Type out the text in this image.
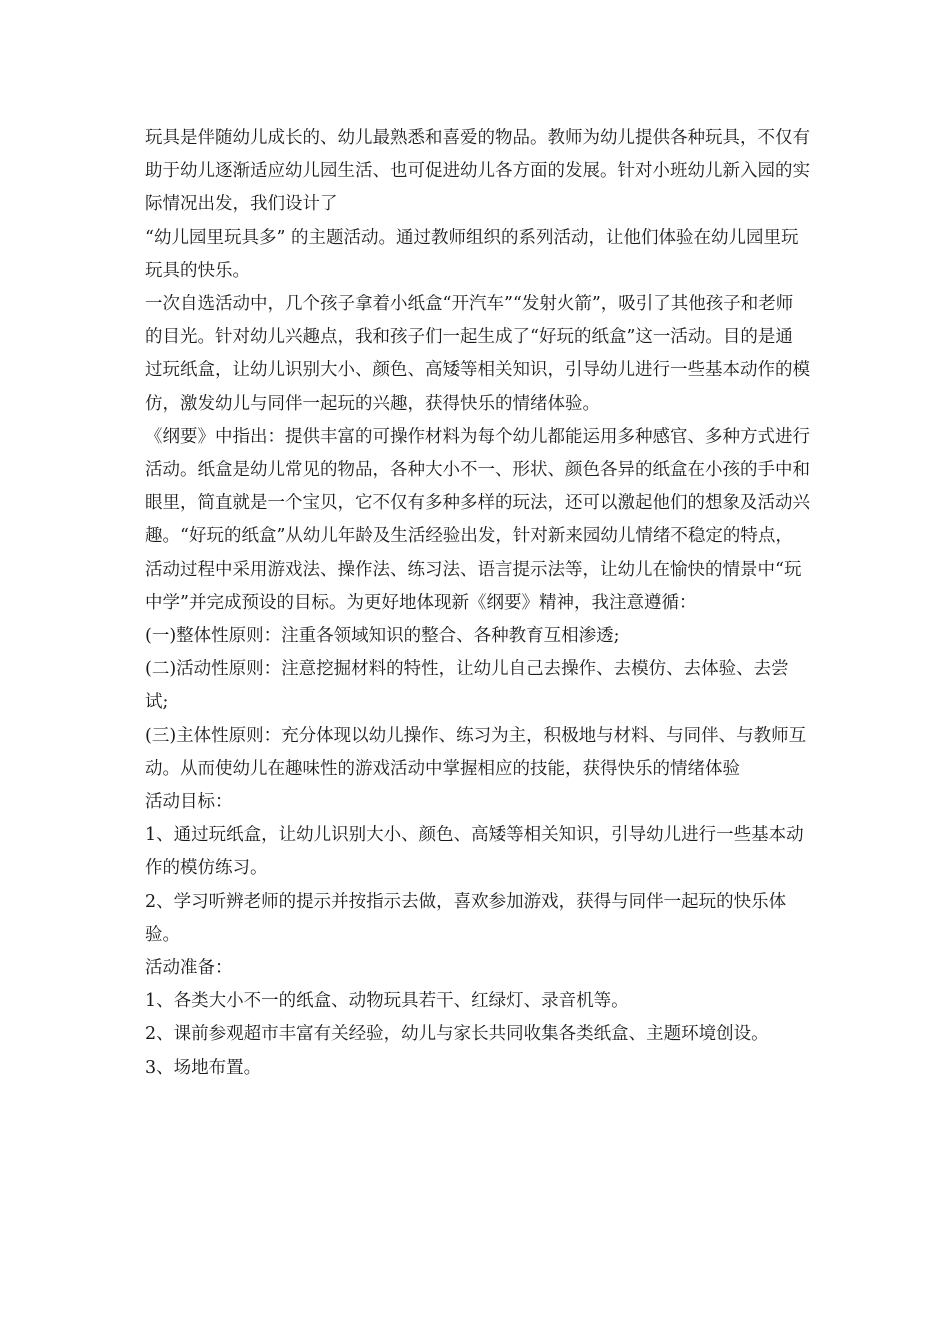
玩具是伴随幼儿成长的、幼儿最熟悉和喜爱的物品。教师为幼儿提供各种玩具，不仅有助于幼儿逐渐适应幼儿园生活、也可促进幼儿各方面的发展。针对小班幼儿新入园的实际情况出发，我们设计了

“幼儿园里玩具多” 的主题活动。通过教师组织的系列活动，让他们体验在幼儿园里玩玩具的快乐。

一次自选活动中，几个孩子拿着小纸盒“开汽车”“发射火箭”，吸引了其他孩子和老师的目光。针对幼儿兴趣点，我和孩子们一起生成了“好玩的纸盒”这一活动。目的是通过玩纸盒，让幼儿识别大小、颜色、高矮等相关知识，引导幼儿进行一些基本动作的模仿，激发幼儿与同伴一起玩的兴趣，获得快乐的情绪体验。

《纲要》中指出：提供丰富的可操作材料为每个幼儿都能运用多种感官、多种方式进行活动。纸盒是幼儿常见的物品，各种大小不一、形状、颜色各异的纸盒在小孩的手中和眼里，简直就是一个宝贝，它不仅有多种多样的玩法，还可以激起他们的想象及活动兴趣。“好玩的纸盒”从幼儿年龄及生活经验出发，针对新来园幼儿情绪不稳定的特点，活动过程中采用游戏法、操作法、练习法、语言提示法等，让幼儿在愉快的情景中“玩中学”并完成预设的目标。为更好地体现新《纲要》精神，我注意遵循：

(一)整体性原则：注重各领域知识的整合、各种教育互相渗透;

(二)活动性原则：注意挖掘材料的特性，让幼儿自己去操作、去模仿、去体验、去尝试;

(三)主体性原则：充分体现以幼儿操作、练习为主，积极地与材料、与同伴、与教师互动。从而使幼儿在趣味性的游戏活动中掌握相应的技能，获得快乐的情绪体验

活动目标：

1、通过玩纸盒，让幼儿识别大小、颜色、高矮等相关知识，引导幼儿进行一些基本动作的模仿练习。

2、学习听辨老师的提示并按指示去做，喜欢参加游戏，获得与同伴一起玩的快乐体验。

活动准备：

1、各类大小不一的纸盒、动物玩具若干、红绿灯、录音机等。

2、课前参观超市丰富有关经验，幼儿与家长共同收集各类纸盒、主题环境创设。

3、场地布置。
